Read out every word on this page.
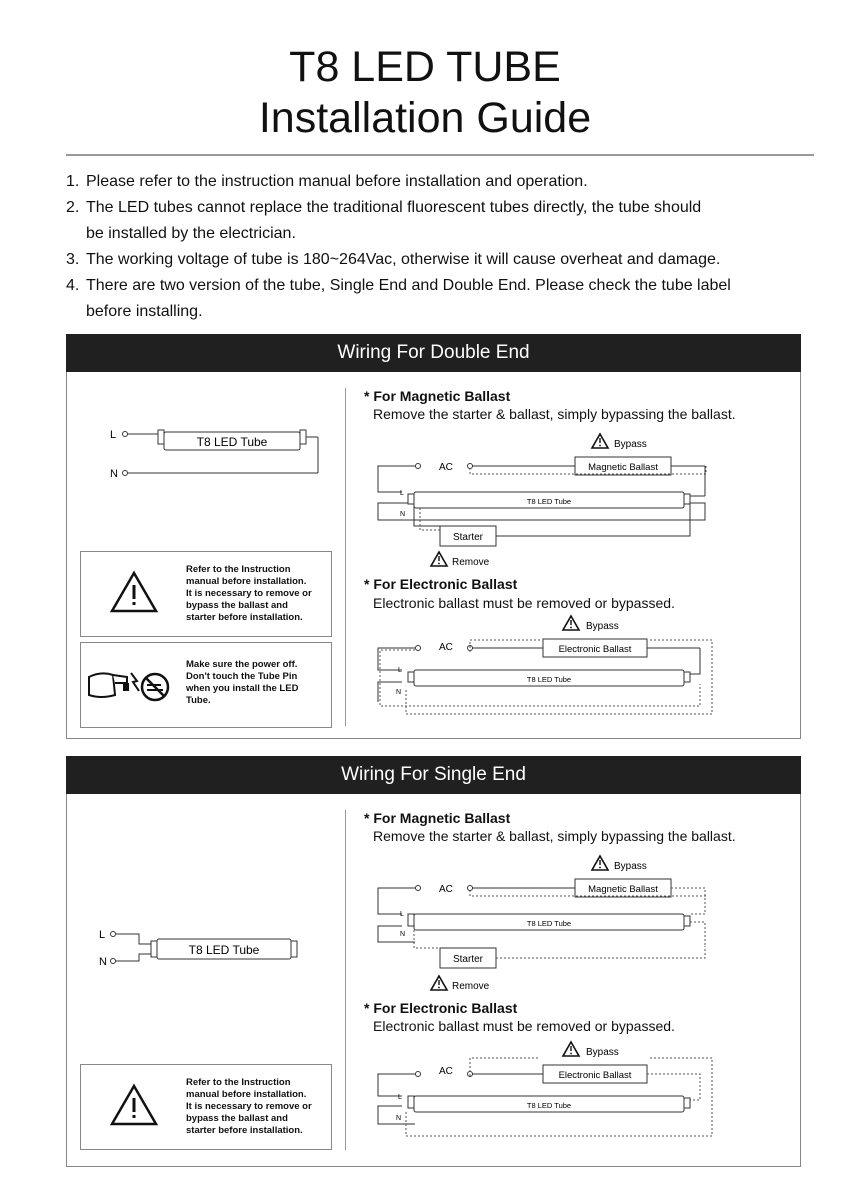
T8 LED TUBE
Installation Guide
1. Please refer to the instruction manual before installation and operation.
2. The LED tubes cannot replace the traditional fluorescent tubes directly, the tube should
be installed by the electrician.
3. The working voltage of tube is 180~264Vac, otherwise it will cause overheat and damage.
4. There are two version of the tube, Single End and Double End. Please check the tube label
before installing.
Wiring For Double End
L	T8 LED Tube
N
Refer to the Instruction
manual before installation.
It is necessary to remove or
bypass the ballast and
starter before installation.
Make sure the power off.
Don't touch the Tube Pin
when you install the LED
Tube.
* For Magnetic Ballast
Remove the starter & ballast, simply bypassing the ballast.
* For Electronic Ballast
Electronic ballast must be removed or bypassed.
Bypass
AC	Magnetic Ballast
L
N
T8 LED Tube
Starter
Remove
Bypass
AC	Electronic Ballast
L
N
T8 LED Tube
Wiring For Single End
L
N
T8 LED Tube
Refer to the Instruction
manual before installation.
It is necessary to remove or
bypass the ballast and
starter before installation.
* For Magnetic Ballast
Remove the starter & ballast, simply bypassing the ballast.
* For Electronic Ballast
Electronic ballast must be removed or bypassed.
Bypass
AC	Magnetic Ballast
L
N
T8 LED Tube
Starter
Remove
Bypass
AC	Electronic Ballast
L
N
T8 LED Tube
